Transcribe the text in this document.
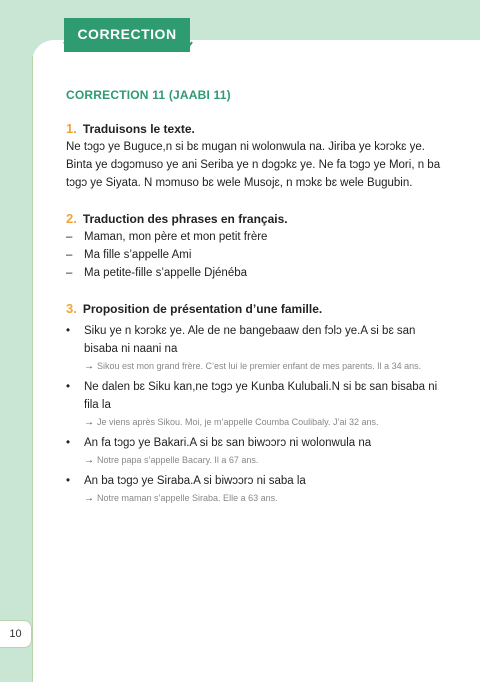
CORRECTION
CORRECTION 11 (JAABI 11)
1. Traduisons le texte.
Ne tɔgɔ ye Buguce,n si bɛ mugan ni wolonwula na. Jiriba ye kɔrɔkɛ ye. Binta ye dɔgɔmuso ye ani Seriba ye n dɔgɔkɛ ye. Ne fa tɔgɔ ye Mori, n ba tɔgɔ ye Siyata. N mɔmuso bɛ wele Musojɛ, n mɔkɛ bɛ wele Bugubin.
2. Traduction des phrases en français.
– Maman, mon père et mon petit frère
– Ma fille s’appelle Ami
– Ma petite-fille s’appelle Djénéba
3. Proposition de présentation d’une famille.
• Siku ye n kɔrɔkɛ ye. Ale de ne bangebaaw den fɔlɔ ye.A si bɛ san bisaba ni naani na
→ Sikou est mon grand frère. C’est lui le premier enfant de mes parents. Il a 34 ans.
• Ne dalen bɛ Siku kan,ne tɔgɔ ye Kunba Kulubali.N si bɛ san bisaba ni fila la
→ Je viens après Sikou. Moi, je m’appelle Coumba Coulibaly. J’ai 32 ans.
• An fa tɔgɔ ye Bakari.A si bɛ san biwɔɔrɔ ni wolonwula na
→ Notre papa s’appelle Bacary. Il a 67 ans.
• An ba tɔgɔ ye Siraba.A si biwɔɔrɔ ni saba la
→ Notre maman s’appelle Siraba. Elle a 63 ans.
10
